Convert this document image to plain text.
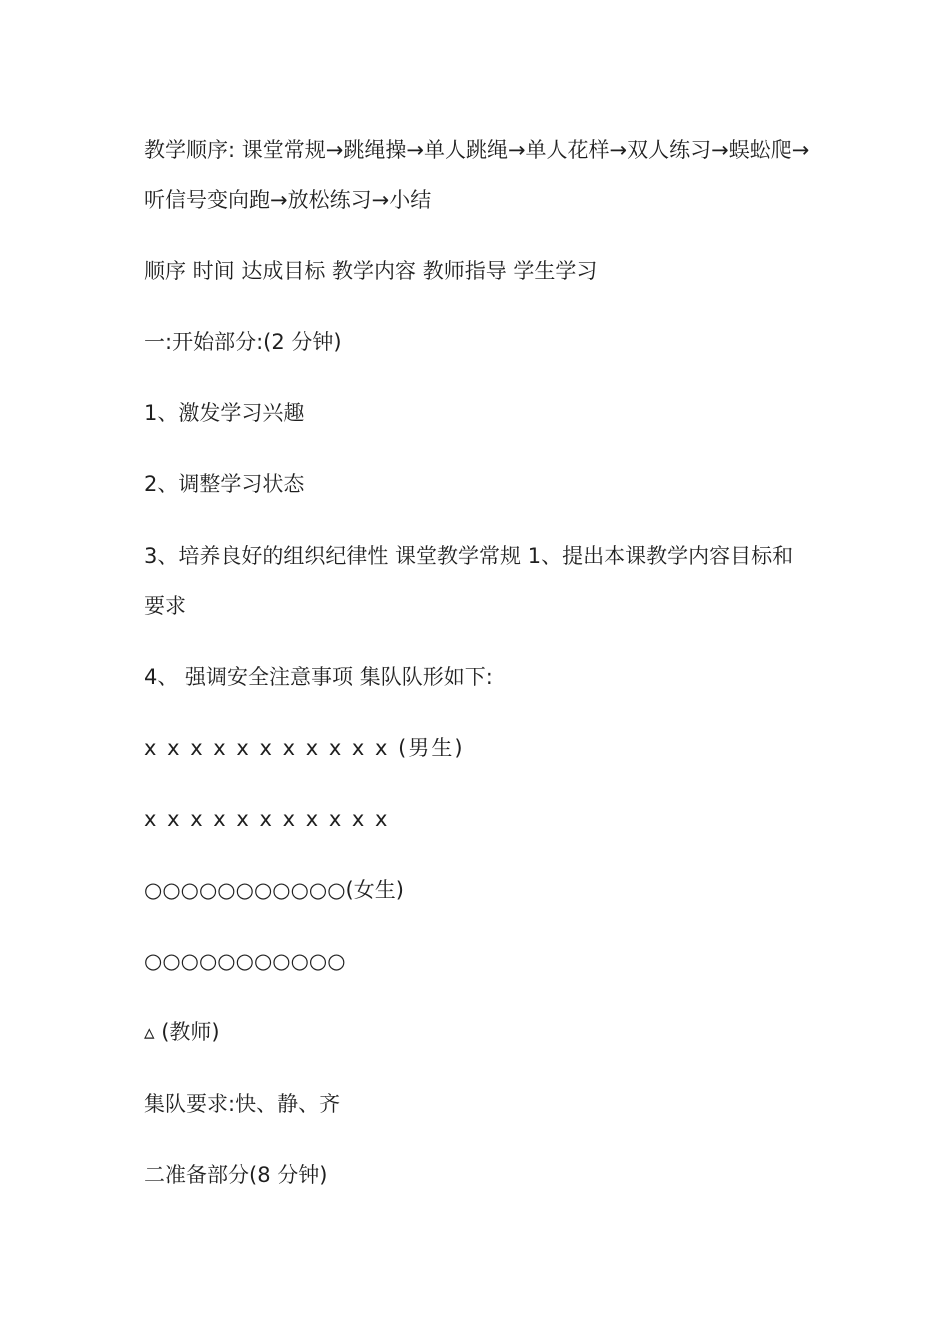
教学顺序: 课堂常规→跳绳操→单人跳绳→单人花样→双人练习→蜈蚣爬→听信号变向跑→放松练习→小结

顺序 时间 达成目标 教学内容 教师指导 学生学习

一:开始部分:(2 分钟)

1、激发学习兴趣

2、调整学习状态

3、培养良好的组织纪律性 课堂教学常规 1、提出本课教学内容目标和要求

4、 强调安全注意事项 集队队形如下:

x x x x x x x x x x x (男生)

x x x x x x x x x x x

○○○○○○○○○○○(女生)

○○○○○○○○○○○

▵ (教师)

集队要求:快、静、齐

二准备部分(8 分钟)
